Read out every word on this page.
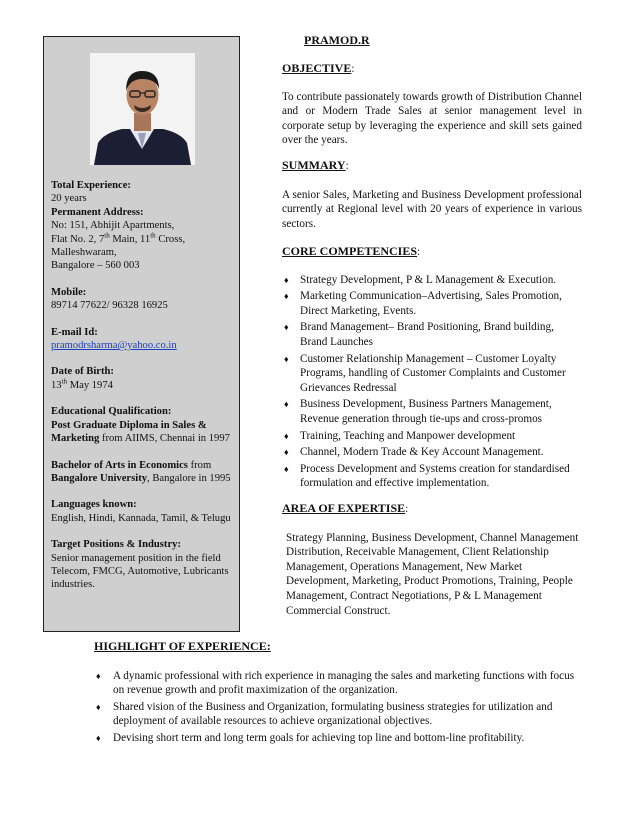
Total Experience:

20 years

Permanent Address:

No: 151, Abhijit Apartments,

Flat No. 2, 7th Main, 11th Cross,

Malleshwaram,

Bangalore – 560 003

Mobile:

89714 77622/ 96328 16925

E-mail Id:

pramodrsharma@yahoo.co.in

Date of Birth:

13th May 1974

Educational Qualification:

Post Graduate Diploma in Sales & Marketing from AIIMS, Chennai in 1997

Bachelor of Arts in Economics from Bangalore University, Bangalore in 1995

Languages known:

English, Hindi, Kannada, Tamil, & Telugu

Target Positions & Industry:

Senior management position in the field Telecom, FMCG, Automotive, Lubricants industries.

PRAMOD.R
OBJECTIVE:

To contribute passionately towards growth of Distribution Channel and or Modern Trade Sales at senior management level in corporate setup by leveraging the experience and skill sets gained over the years.

SUMMARY:

A senior Sales, Marketing and Business Development professional currently at Regional level with 20 years of experience in various sectors.

CORE COMPETENCIES:
♦ Strategy Development, P & L Management & Execution.
♦ Marketing Communication–Advertising, Sales Promotion, Direct Marketing, Events.
♦ Brand Management– Brand Positioning, Brand building, Brand Launches
♦ Customer Relationship Management – Customer Loyalty Programs, handling of Customer Complaints and Customer Grievances Redressal
♦ Business Development, Business Partners Management, Revenue generation through tie-ups and cross-promos
♦ Training, Teaching and Manpower development
♦ Channel, Modern Trade & Key Account Management.
♦ Process Development and Systems creation for standardised formulation and effective implementation.
AREA OF EXPERTISE:

Strategy Planning, Business Development, Channel Management Distribution, Receivable Management, Client Relationship Management, Operations Management, New Market Development, Marketing, Product Promotions, Training, People Management, Contract Negotiations, P & L Management Commercial Construct.

HIGHLIGHT OF EXPERIENCE:
♦ A dynamic professional with rich experience in managing the sales and marketing functions with focus on revenue growth and profit maximization of the organization.
♦ Shared vision of the Business and Organization, formulating business strategies for utilization and deployment of available resources to achieve organizational objectives.
♦ Devising short term and long term goals for achieving top line and bottom-line profitability.
